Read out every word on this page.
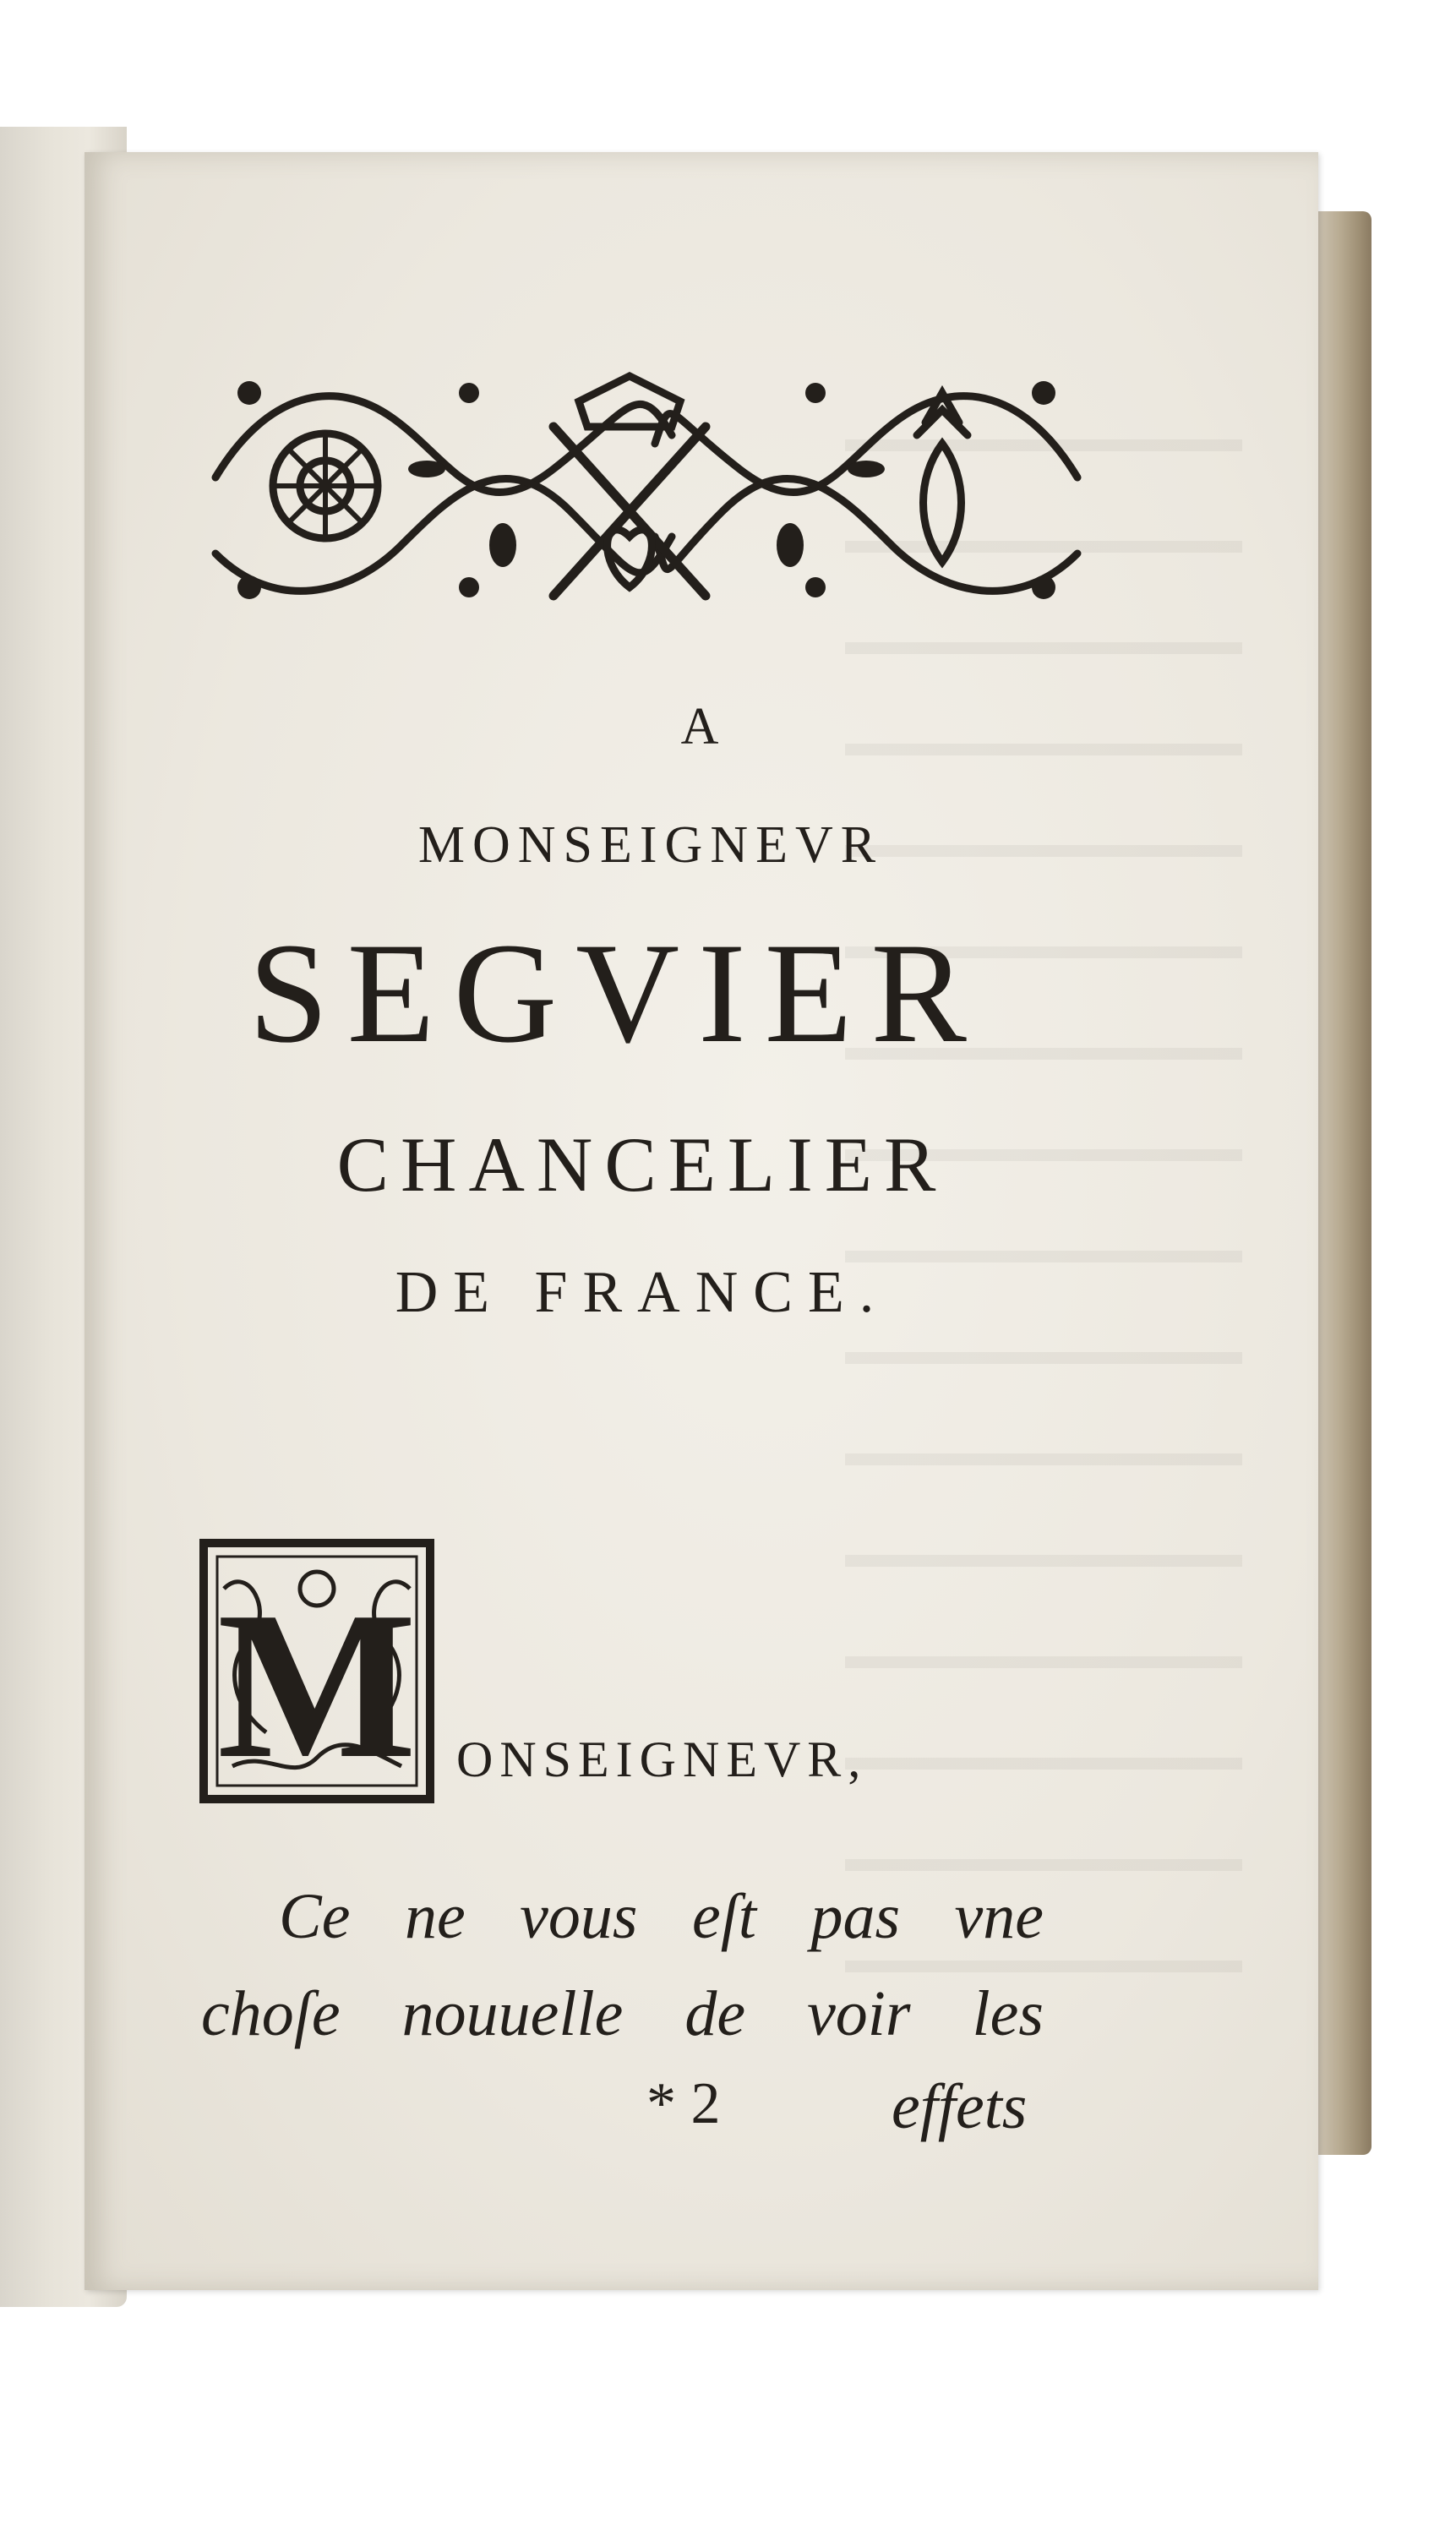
A
MONSEIGNEVR
SEGVIER
CHANCELIER
DE FRANCE.
M ONSEIGNEVR,
Ce ne vous eſt pas vne
choſe nouuelle de voir les
* 2	effets
